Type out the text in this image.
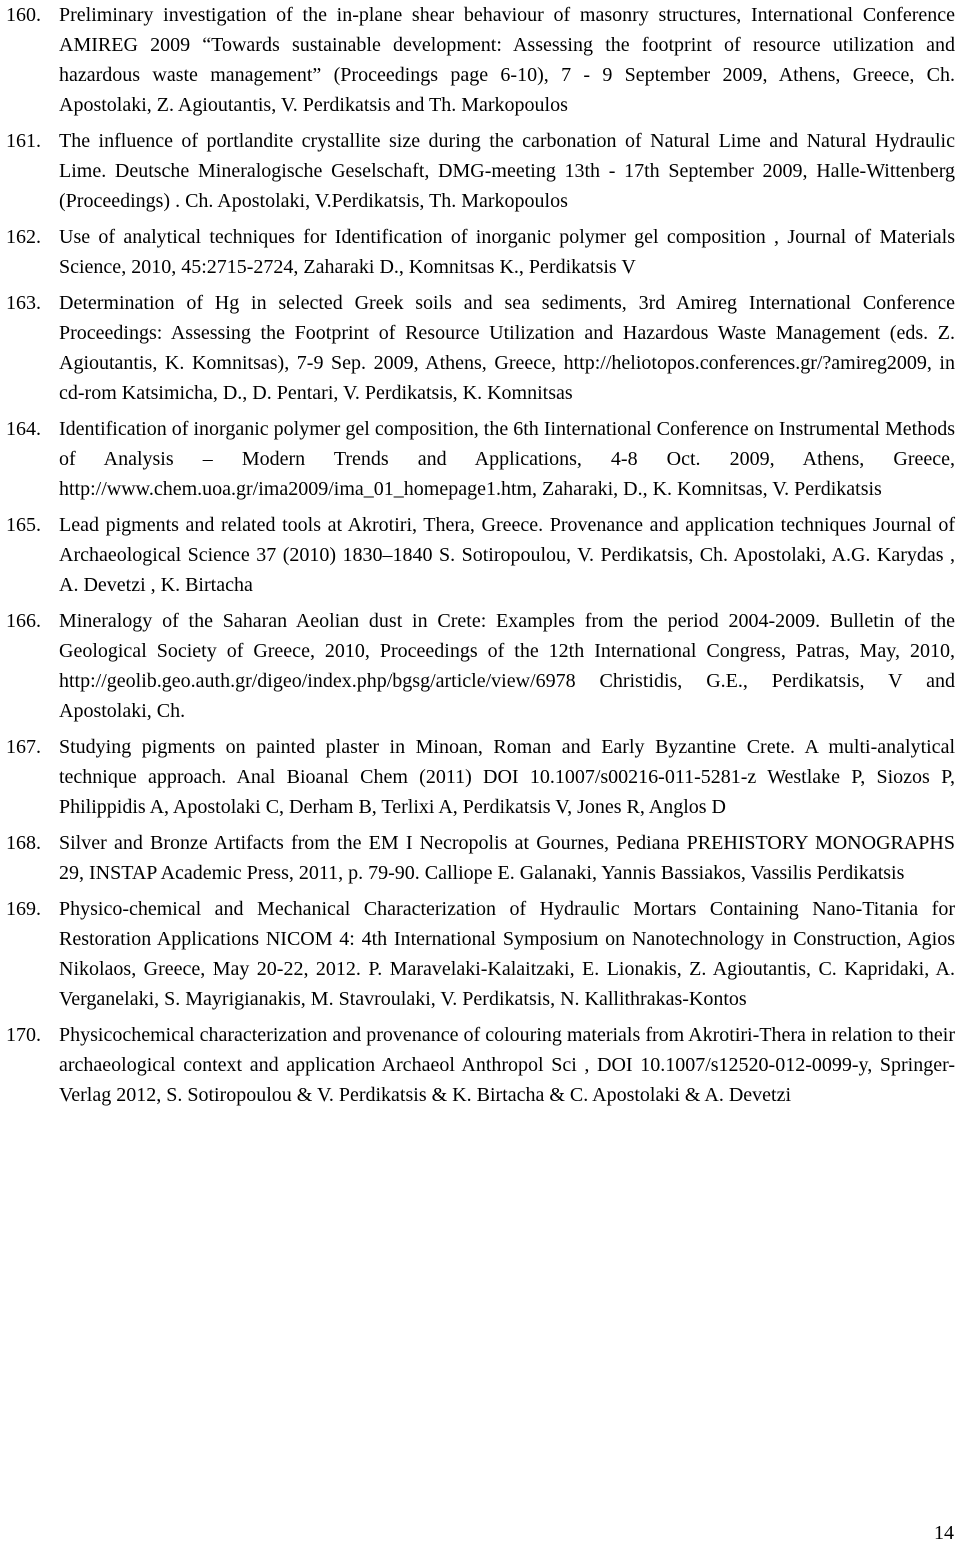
160. Preliminary investigation of the in-plane shear behaviour of masonry structures, International Conference AMIREG 2009 “Towards sustainable development: Assessing the footprint of resource utilization and hazardous waste management” (Proceedings page 6-10), 7 - 9 September 2009, Athens, Greece, Ch. Apostolaki, Z. Agioutantis, V. Perdikatsis and Th. Markopoulos
161. The influence of portlandite crystallite size during the carbonation of Natural Lime and Natural Hydraulic Lime. Deutsche Mineralogische Geselschaft, DMG-meeting 13th - 17th September 2009, Halle-Wittenberg (Proceedings) . Ch. Apostolaki, V.Perdikatsis, Th. Markopoulos
162. Use of analytical techniques for Identification of inorganic polymer gel composition , Journal of Materials Science, 2010, 45:2715-2724, Zaharaki D., Komnitsas K., Perdikatsis V
163. Determination of Hg in selected Greek soils and sea sediments, 3rd Amireg International Conference Proceedings: Assessing the Footprint of Resource Utilization and Hazardous Waste Management (eds. Z. Agioutantis, K. Komnitsas), 7-9 Sep. 2009, Athens, Greece, http://heliotopos.conferences.gr/?amireg2009, in cd-rom Katsimicha, D., D. Pentari, V. Perdikatsis, K. Komnitsas
164. Identification of inorganic polymer gel composition, the 6th Iinternational Conference on Instrumental Methods of Analysis – Modern Trends and Applications, 4-8 Oct. 2009, Athens, Greece, http://www.chem.uoa.gr/ima2009/ima_01_homepage1.htm, Zaharaki, D., K. Komnitsas, V. Perdikatsis
165. Lead pigments and related tools at Akrotiri, Thera, Greece. Provenance and application techniques Journal of Archaeological Science 37 (2010) 1830–1840 S. Sotiropoulou, V. Perdikatsis, Ch. Apostolaki, A.G. Karydas , A. Devetzi , K. Birtacha
166. Mineralogy of the Saharan Aeolian dust in Crete: Examples from the period 2004-2009. Bulletin of the Geological Society of Greece, 2010, Proceedings of the 12th International Congress, Patras, May, 2010, http://geolib.geo.auth.gr/digeo/index.php/bgsg/article/view/6978 Christidis, G.E., Perdikatsis, V and Apostolaki, Ch.
167. Studying pigments on painted plaster in Minoan, Roman and Early Byzantine Crete. A multi-analytical technique approach. Anal Bioanal Chem (2011) DOI 10.1007/s00216-011-5281-z Westlake P, Siozos P, Philippidis A, Apostolaki C, Derham B, Terlixi A, Perdikatsis V, Jones R, Anglos D
168. Silver and Bronze Artifacts from the EM I Necropolis at Gournes, Pediana PREHISTORY MONOGRAPHS 29, INSTAP Academic Press, 2011, p. 79-90. Calliope E. Galanaki, Yannis Bassiakos, Vassilis Perdikatsis
169. Physico-chemical and Mechanical Characterization of Hydraulic Mortars Containing Nano-Titania for Restoration Applications NICOM 4: 4th International Symposium on Nanotechnology in Construction, Agios Nikolaos, Greece, May 20-22, 2012. P. Maravelaki-Kalaitzaki, E. Lionakis, Z. Agioutantis, C. Kapridaki, A. Verganelaki, S. Mayrigianakis, M. Stavroulaki, V. Perdikatsis, N. Kallithrakas-Kontos
170. Physicochemical characterization and provenance of colouring materials from Akrotiri-Thera in relation to their archaeological context and application Archaeol Anthropol Sci , DOI 10.1007/s12520-012-0099-y, Springer-Verlag 2012, S. Sotiropoulou & V. Perdikatsis & K. Birtacha & C. Apostolaki & A. Devetzi
14
